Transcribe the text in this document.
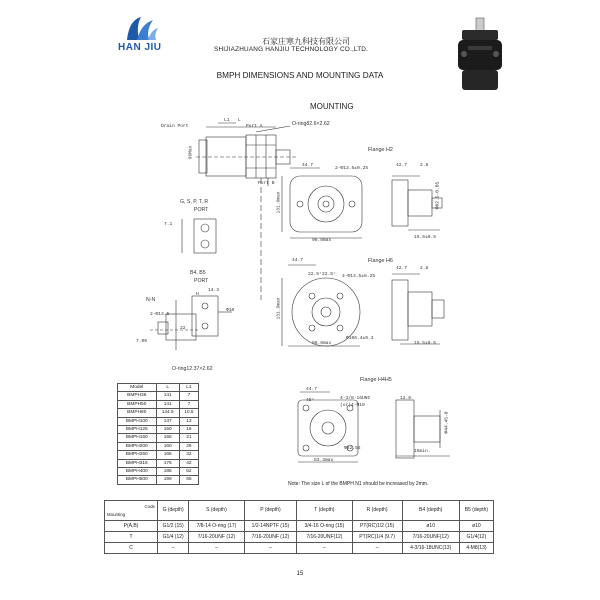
HAN JIU
石家庄寒九科技有限公司
SHIJIAZHUANG HANJIU TECHNOLOGY CO.,LTD.
BMPH DIMENSIONS AND MOUNTING DATA
MOUNTING
Drain Port	Port A
Port B
O-ring82.6×2.62
L
L1
96Max
G, S, P, T, R
PORT
B4, B5
PORT
N-N
14.3
Ф10
7.00
H
7.1
22
2-Ф13.5
O-ring12.37×2.62
Flange H2
44.7
2-Ф13.5±0.25
96.8max
131.9max
42.7	2.8
Ф82.5-0.05
15.5±0.5
Flange H6
44.7
22.5° 22.5° 4-Ф13.5±0.25
96.8max
Ф106.4±0.3
131.9max
42.7	2.8
15.5±0.5
Flange H4H5
44.7
45°	4-3/8-16UNC
(or)4-M10
Ф82.55
83.3max
Ф44.45-0
15min.
12.8
Model	L	L1
BMPH36	141	7
BMPH50	141	7
BMPH80	144.5	10.5
BMPH100	147	13
BMPH125	150	16
BMPH160	155	21
BMPH200	160	26
BMPH250	166	32
BMPH315	176	42
BMPH400	186	52
BMPH500	199	65
Note: The size L of the BMPH N1 should be increased by 2mm.
Code
Mounting	G (depth)	S (depth)	P (depth)	T (depth)	R (depth)	B4 (depth)	B5 (depth)
P(A,B)	G1/2 (15)	7/8-14 O-ring (17)	1/2-14NPTF (15)	3/4-16 O-ring (15)	PT(RC)1/2 (15)	ø10	ø10
T	G1/4 (12)	7/16-20UNF (12)	7/16-20UNF (12)	7/16-20UNF(12)	PT(RC)1/4 (9.7)	7/16-20UNF(12)	G1/4(12)
C	–	–	–	–	–	4-3/16-18UNC(13)	4-M8(13)
15
